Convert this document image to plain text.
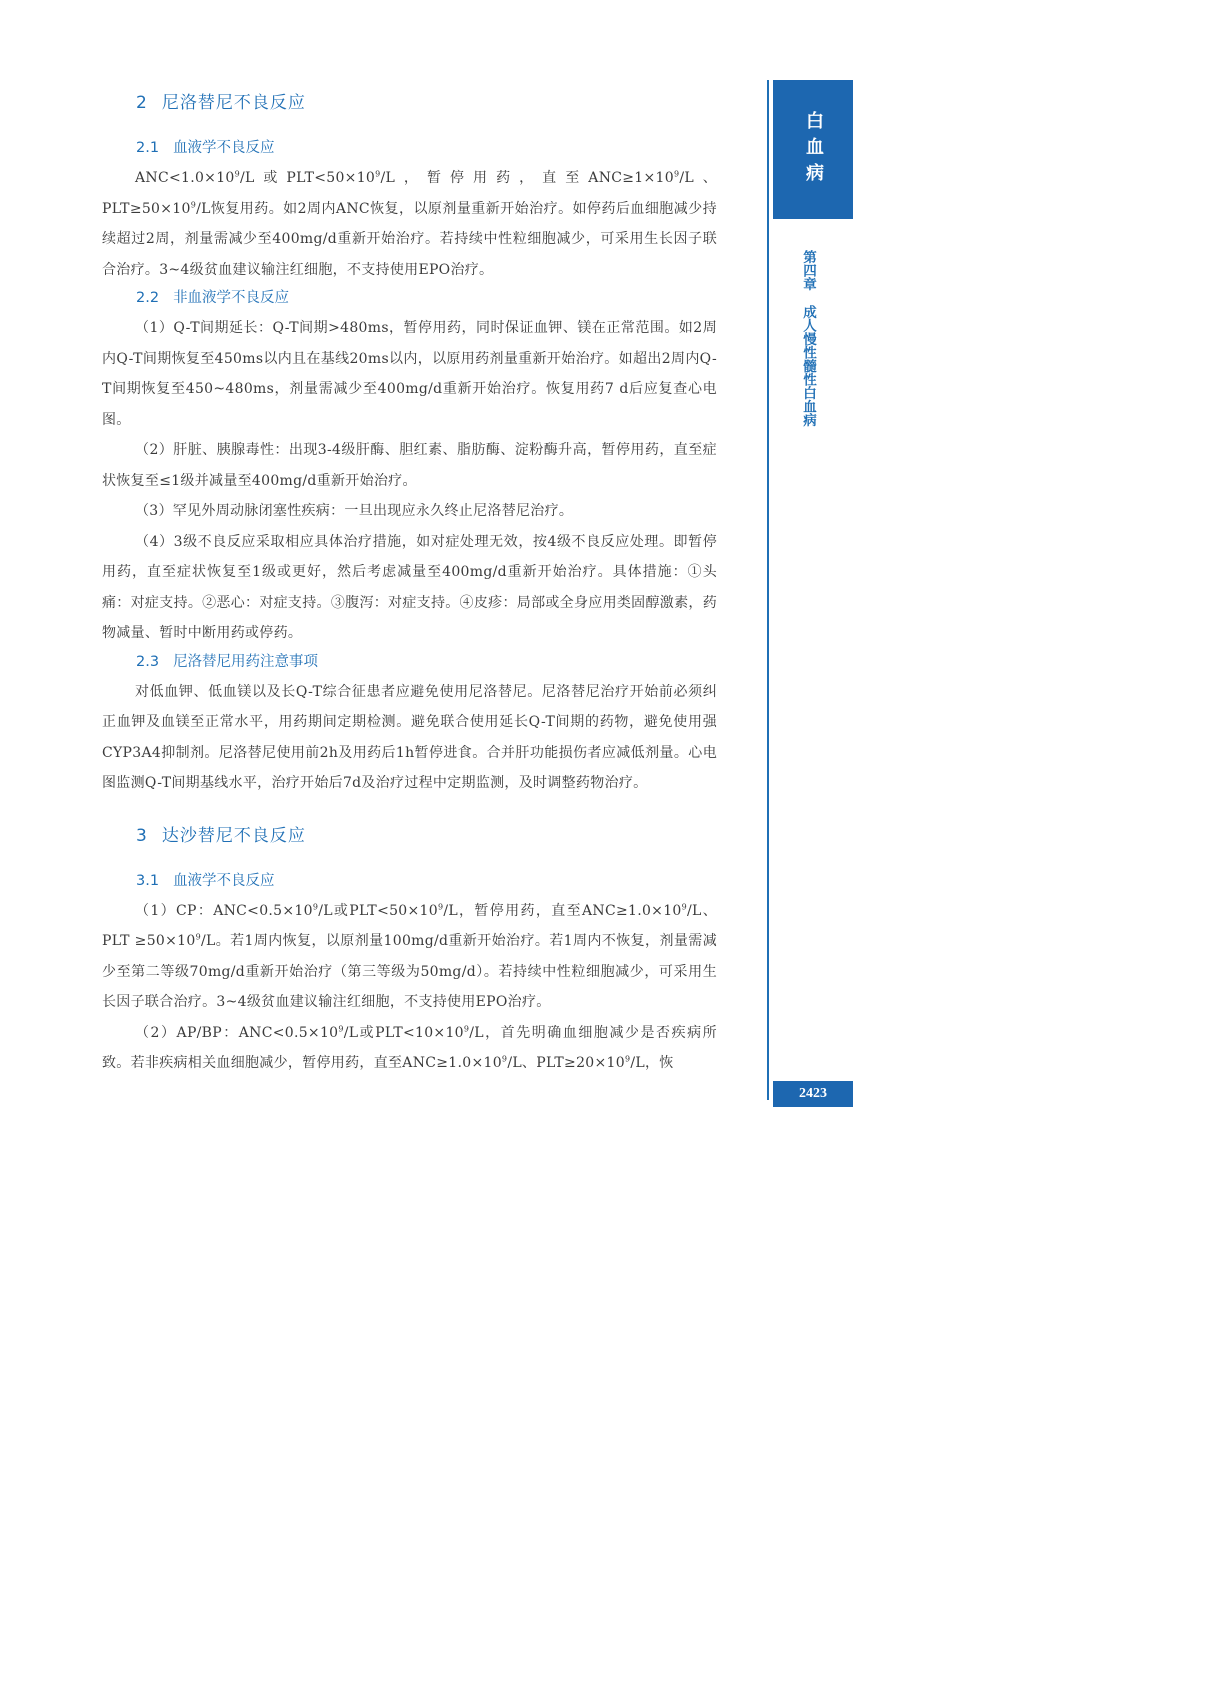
2 尼洛替尼不良反应
2.1 血液学不良反应

$ANC<1.0\times 10^9/L$或$PLT<50\times 10^9/L$，暂停用药，直至$ANC\ge 1\times 10^9/L$、$PLT\ge 50\times 10^9/L$恢复用药。如2周内ANC恢复，以原剂量重新开始治疗。如停药后血细胞减少持续超过2周，剂量需减少至400mg/d重新开始治疗。若持续中性粒细胞减少，可采用生长因子联合治疗。3~4级贫血建议输注红细胞，不支持使用EPO治疗。

2.2 非血液学不良反应

（1）Q-T间期延长：Q-T间期>480ms，暂停用药，同时保证血钾、镁在正常范围。如2周内Q-T间期恢复至450ms以内且在基线20ms以内，以原用药剂量重新开始治疗。如超出2周内Q-T间期恢复至450~480ms，剂量需减少至400mg/d重新开始治疗。恢复用药7 d后应复查心电图。

（2）肝脏、胰腺毒性：出现3-4级肝酶、胆红素、脂肪酶、淀粉酶升高，暂停用药，直至症状恢复至≤1级并减量至400mg/d重新开始治疗。

（3）罕见外周动脉闭塞性疾病：一旦出现应永久终止尼洛替尼治疗。

（4）3级不良反应采取相应具体治疗措施，如对症处理无效，按4级不良反应处理。即暂停用药，直至症状恢复至1级或更好，然后考虑减量至400mg/d重新开始治疗。具体措施：①头痛：对症支持。②恶心：对症支持。③腹泻：对症支持。④皮疹：局部或全身应用类固醇激素，药物减量、暂时中断用药或停药。

2.3 尼洛替尼用药注意事项

对低血钾、低血镁以及长Q-T综合征患者应避免使用尼洛替尼。尼洛替尼治疗开始前必须纠正血钾及血镁至正常水平，用药期间定期检测。避免联合使用延长Q-T间期的药物，避免使用强CYP3A4抑制剂。尼洛替尼使用前2h及用药后1h暂停进食。合并肝功能损伤者应减低剂量。心电图监测Q-T间期基线水平，治疗开始后7d及治疗过程中定期监测，及时调整药物治疗。

3 达沙替尼不良反应
3.1 血液学不良反应

（1）CP：$ANC<0.5\times 10^9/L$或$PLT<50\times 10^9/L$，暂停用药，直至$ANC\ge 1.0\times 10^9/L$、PLT $\ge 50\times 10^9/L$。若1周内恢复，以原剂量100mg/d重新开始治疗。若1周内不恢复，剂量需减少至第二等级70mg/d重新开始治疗（第三等级为50mg/d）。若持续中性粒细胞减少，可采用生长因子联合治疗。3~4级贫血建议输注红细胞，不支持使用EPO治疗。

（2）AP/BP：$ANC<0.5\times 10^9/L$或$PLT<10\times 10^9/L$，首先明确血细胞减少是否疾病所致。若非疾病相关血细胞减少，暂停用药，直至$ANC\ge 1.0\times 10^9/L$、$PLT\ge 20\times 10^9/L$，恢

白血病
第四章成人慢性髓性白血病
2423
